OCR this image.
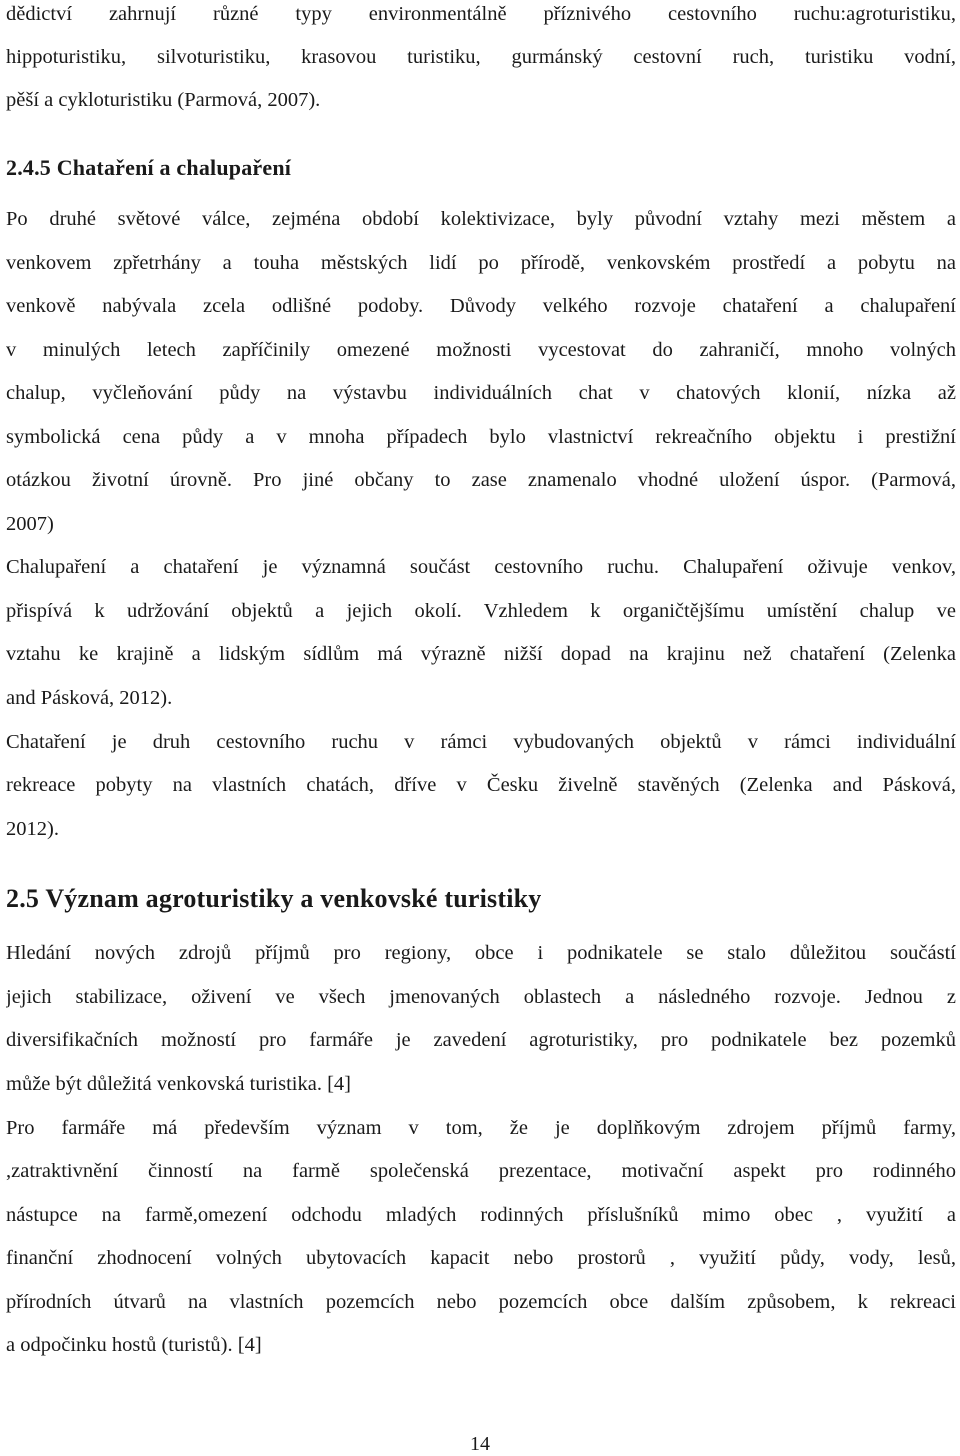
dědictví zahrnují různé typy environmentálně příznivého cestovního ruchu:agroturistiku,
hippoturistiku, silvoturistiku, krasovou turistiku, gurmánský cestovní ruch, turistiku vodní,
pěší a cykloturistiku (Parmová, 2007).
2.4.5 Chataření a chalupaření
Po druhé světové válce, zejména období kolektivizace, byly původní vztahy mezi městem a
venkovem zpřetrhány a touha městských lidí po přírodě, venkovském prostředí a pobytu na
venkově nabývala zcela odlišné podoby. Důvody velkého rozvoje chataření a chalupaření
v minulých letech zapříčinily omezené možnosti vycestovat do zahraničí, mnoho volných
chalup, vyčleňování půdy na výstavbu individuálních chat v chatových klonií, nízka až
symbolická cena půdy a v mnoha případech bylo vlastnictví rekreačního objektu i prestižní
otázkou životní úrovně. Pro jiné občany to zase znamenalo vhodné uložení úspor. (Parmová,
2007)
Chalupaření a chataření je významná součást cestovního ruchu. Chalupaření oživuje venkov,
přispívá k udržování objektů a jejich okolí. Vzhledem k organičtějšímu umístění chalup ve
vztahu ke krajině a lidským sídlům má výrazně nižší dopad na krajinu než chataření (Zelenka
and Pásková, 2012).
Chataření je druh cestovního ruchu v rámci vybudovaných objektů v rámci individuální
rekreace pobyty na vlastních chatách, dříve v Česku živelně stavěných (Zelenka and Pásková,
2012).
2.5 Význam agroturistiky a venkovské turistiky
Hledání nových zdrojů příjmů pro regiony, obce i podnikatele se stalo důležitou součástí
jejich stabilizace, oživení ve všech jmenovaných oblastech a následného rozvoje. Jednou z
diversifikačních možností pro farmáře je zavedení agroturistiky, pro podnikatele bez pozemků
může být důležitá venkovská turistika. [4]
Pro farmáře má především význam v tom, že je doplňkovým zdrojem příjmů farmy,
,zatraktivnění činností na farmě společenská prezentace, motivační aspekt pro rodinného
nástupce na farmě,omezení odchodu mladých rodinných příslušníků mimo obec , využití a
finanční zhodnocení volných ubytovacích kapacit nebo prostorů , využití půdy, vody, lesů,
přírodních útvarů na vlastních pozemcích nebo pozemcích obce dalším způsobem, k rekreaci
a odpočinku hostů (turistů). [4]
14
